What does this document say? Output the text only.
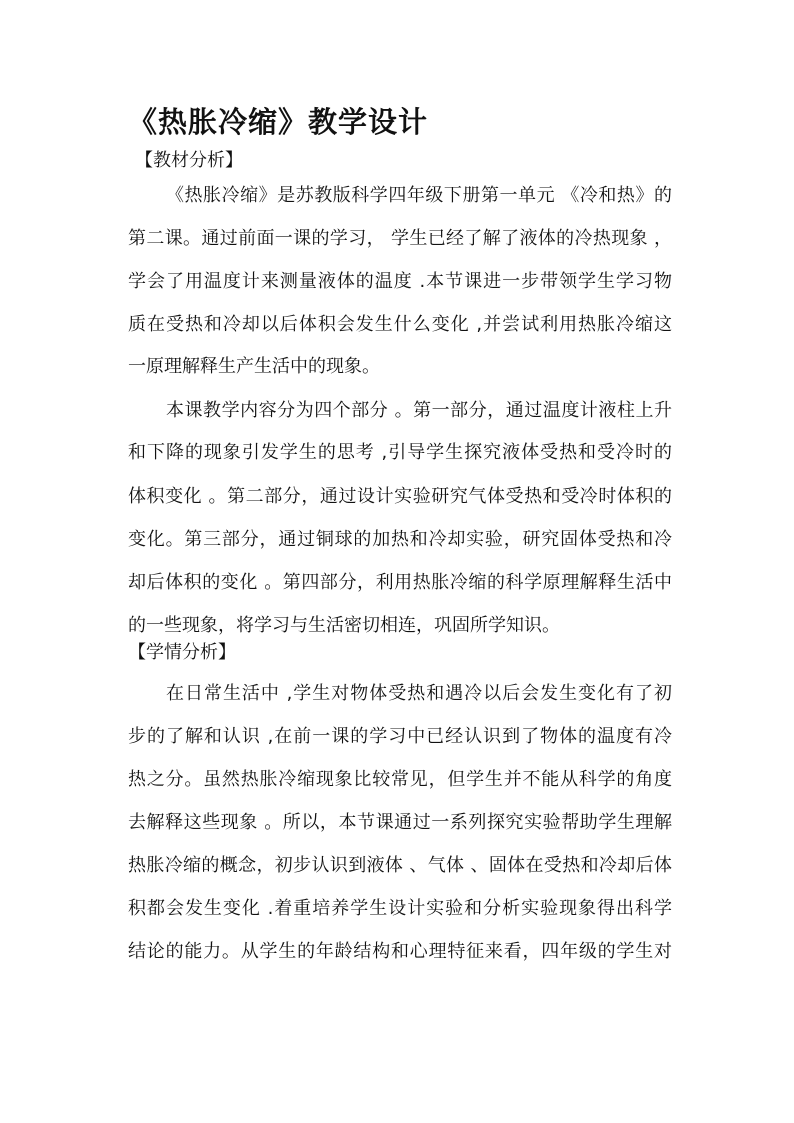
《热胀冷缩》教学设计
【教材分析】
《热胀冷缩》是苏教版科学四年级下册第一单元 《冷和热》的
第二课。通过前面一课的学习， 学生已经了解了液体的冷热现象 ，
学会了用温度计来测量液体的温度 .本节课进一步带领学生学习物
质在受热和冷却以后体积会发生什么变化 ,并尝试利用热胀冷缩这
一原理解释生产生活中的现象。
本课教学内容分为四个部分 。第一部分，通过温度计液柱上升
和下降的现象引发学生的思考 ,引导学生探究液体受热和受冷时的
体积变化 。第二部分，通过设计实验研究气体受热和受冷时体积的
变化。第三部分，通过铜球的加热和冷却实验，研究固体受热和冷
却后体积的变化 。第四部分，利用热胀冷缩的科学原理解释生活中
的一些现象，将学习与生活密切相连，巩固所学知识。
【学情分析】
在日常生活中 ,学生对物体受热和遇冷以后会发生变化有了初
步的了解和认识 ,在前一课的学习中已经认识到了物体的温度有冷
热之分。虽然热胀冷缩现象比较常见，但学生并不能从科学的角度
去解释这些现象 。所以，本节课通过一系列探究实验帮助学生理解
热胀冷缩的概念，初步认识到液体 、气体 、固体在受热和冷却后体
积都会发生变化 .着重培养学生设计实验和分析实验现象得出科学
结论的能力。从学生的年龄结构和心理特征来看，四年级的学生对
